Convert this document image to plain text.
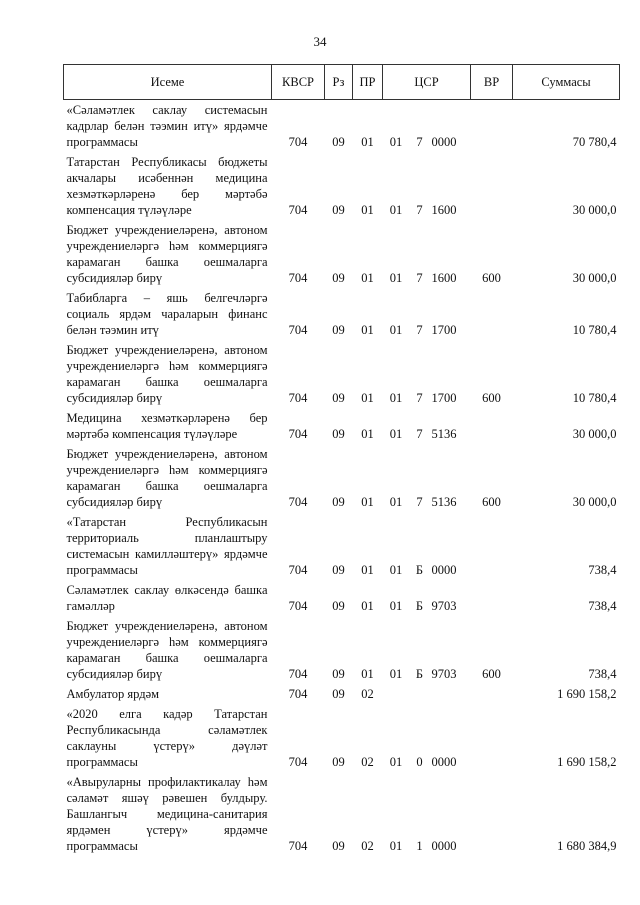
34
Исеме	КВСР	Рз	ПР	ЦСР			ВР	Суммасы
«Сәламәтлек саклау системасын кадрлар белән тәэмин итү» ярдәмче программасы	704	09	01	01	7	0000		70 780,4
Татарстан Республикасы бюджеты акчалары исәбеннән медицина хезмәткәрләренә бер мәртәбә компенсация түләүләре	704	09	01	01	7	1600		30 000,0
Бюджет учреждениеләренә, автоном учреждениеләргә һәм коммерциягә карамаган башка оешмаларга субсидияләр бирү	704	09	01	01	7	1600	600	30 000,0
Табибларга – яшь белгечләргә социаль ярдәм чараларын финанс белән тәэмин итү	704	09	01	01	7	1700		10 780,4
Бюджет учреждениеләренә, автоном учреждениеләргә һәм коммерциягә карамаган башка оешмаларга субсидияләр бирү	704	09	01	01	7	1700	600	10 780,4
Медицина хезмәткәрләренә бер мәртәбә компенсация түләүләре	704	09	01	01	7	5136		30 000,0
Бюджет учреждениеләренә, автоном учреждениеләргә һәм коммерциягә карамаган башка оешмаларга субсидияләр бирү	704	09	01	01	7	5136	600	30 000,0
«Татарстан Республикасын территориаль планлаштыру системасын камилләштерү» ярдәмче программасы	704	09	01	01	Б	0000		738,4
Сәламәтлек саклау өлкәсендә башка гамәлләр	704	09	01	01	Б	9703		738,4
Бюджет учреждениеләренә, автоном учреждениеләргә һәм коммерциягә карамаган башка оешмаларга субсидияләр бирү	704	09	01	01	Б	9703	600	738,4
Амбулатор ярдәм	704	09	02					1 690 158,2
«2020 елга кадәр Татарстан Республикасында сәламәтлек саклауны үстерү» дәүләт программасы	704	09	02	01	0	0000		1 690 158,2
«Авыруларны профилактикалау һәм сәламәт яшәү рәвешен булдыру. Башлангыч медицина-санитария ярдәмен үстерү» ярдәмче программасы	704	09	02	01	1	0000		1 680 384,9
